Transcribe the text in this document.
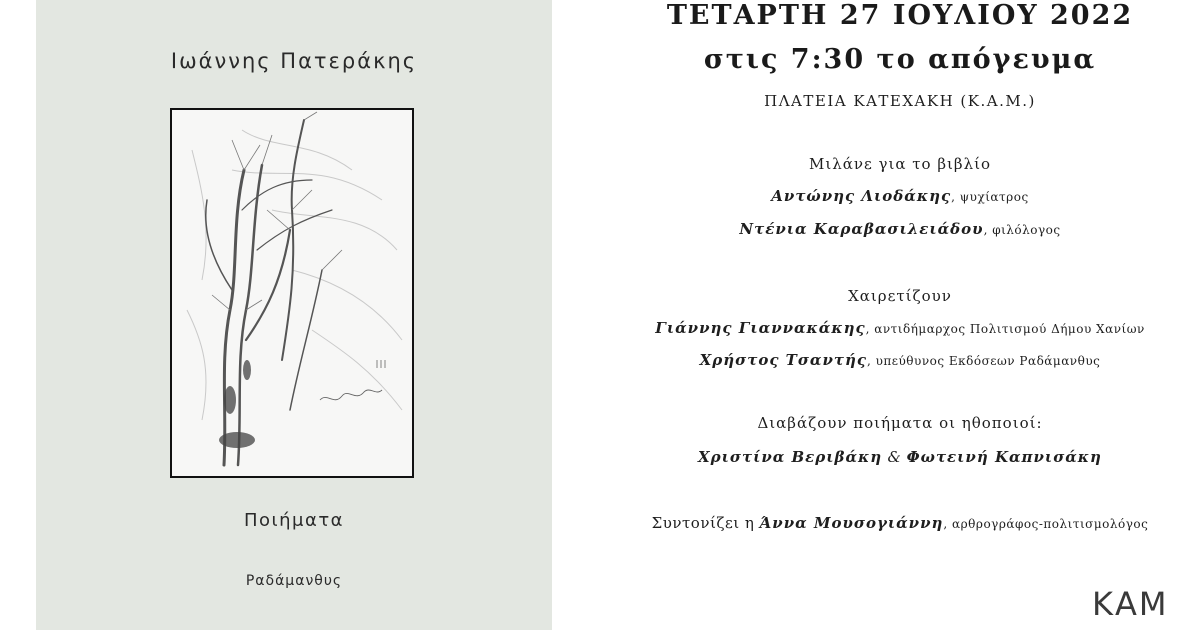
Ιωάννης Πατεράκης
Ποιήματα
Ραδάμανθυς
ΤΕΤΑΡΤΗ 27 ΙΟΥΛΙΟΥ 2022
στις 7:30 το απόγευμα
ΠΛΑΤΕΙΑ ΚΑΤΕΧΑΚΗ (Κ.Α.Μ.)
Μιλάνε για το βιβλίο
Αντώνης Λιοδάκης, ψυχίατρος
Ντένια Καραβασιλειάδου, φιλόλογος
Χαιρετίζουν
Γιάννης Γιαννακάκης, αντιδήμαρχος Πολιτισμού Δήμου Χανίων
Χρήστος Τσαντής, υπεύθυνος Εκδόσεων Ραδάμανθυς
Διαβάζουν ποιήματα οι ηθοποιοί:
Χριστίνα Βεριβάκη & Φωτεινή Καπνισάκη
Συντονίζει η Άννα Μουσογιάννη, αρθρογράφος-πολιτισμολόγος
ΚΑΜ
